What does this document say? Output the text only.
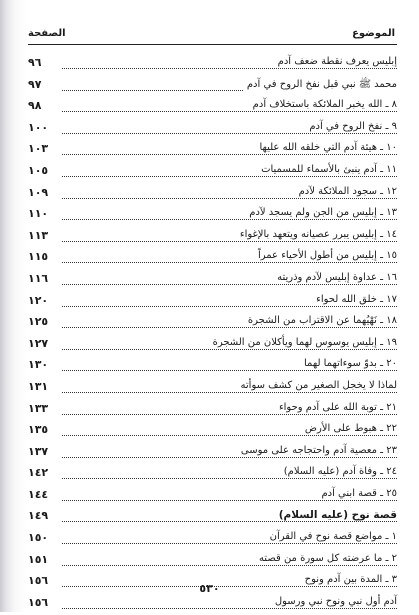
الموضوع
الصفحة
إبليس يعرف نقطة ضعف آدم
٩٦
محمد ﷺ نبي قبل نفخ الروح في آدم
٩٧
٨ ـ الله يخبر الملائكة باستخلاف آدم
٩٨
٩ ـ نفخ الروح في آدم
١٠٠
١٠ ـ هيئة آدم التي خلقه الله عليها
١٠٣
١١ ـ آدم ينبئ بالأسماء للمسميات
١٠٥
١٢ ـ سجود الملائكة لآدم
١٠٩
١٣ ـ إبليس من الجن ولم يسجد لآدم
١١٠
١٤ ـ إبليس يبرر عصيانه ويتعهد بالإغواء
١١٣
١٥ ـ إبليس من أطول الأحياء عمراً
١١٥
١٦ ـ عداوة إبليس لآدم وذريته
١١٦
١٧ ـ خلق الله لحواء
١٢٠
١٨ ـ نَهْيُهما عن الاقتراب من الشجرة
١٢٥
١٩ ـ إبليس يوسوس لهما ويأكلان من الشجرة
١٢٧
٢٠ ـ بدوّ سوءاتهما لهما
١٣٠
لماذا لا يخجل الصغير من كشف سوأته
١٣١
٢١ ـ توبة الله على آدم وحواء
١٣٣
٢٢ ـ هبوط على الأرض
١٣٥
٢٣ ـ معصية آدم واحتجاجه على موسى
١٣٧
٢٤ ـ وفاة آدم (عليه السلام)
١٤٢
٢٥ ـ قصة ابني آدم
١٤٤
قصة نوح (عليه السلام)
١٤٩
١ ـ مواضع قصة نوح في القرآن
١٥٠
٢ ـ ما عرضته كل سورة من قصته
١٥١
٣ ـ المدة بين آدم ونوح
١٥٦
آدم أول نبي ونوح نبي ورسول
١٥٦
٥٣٠
